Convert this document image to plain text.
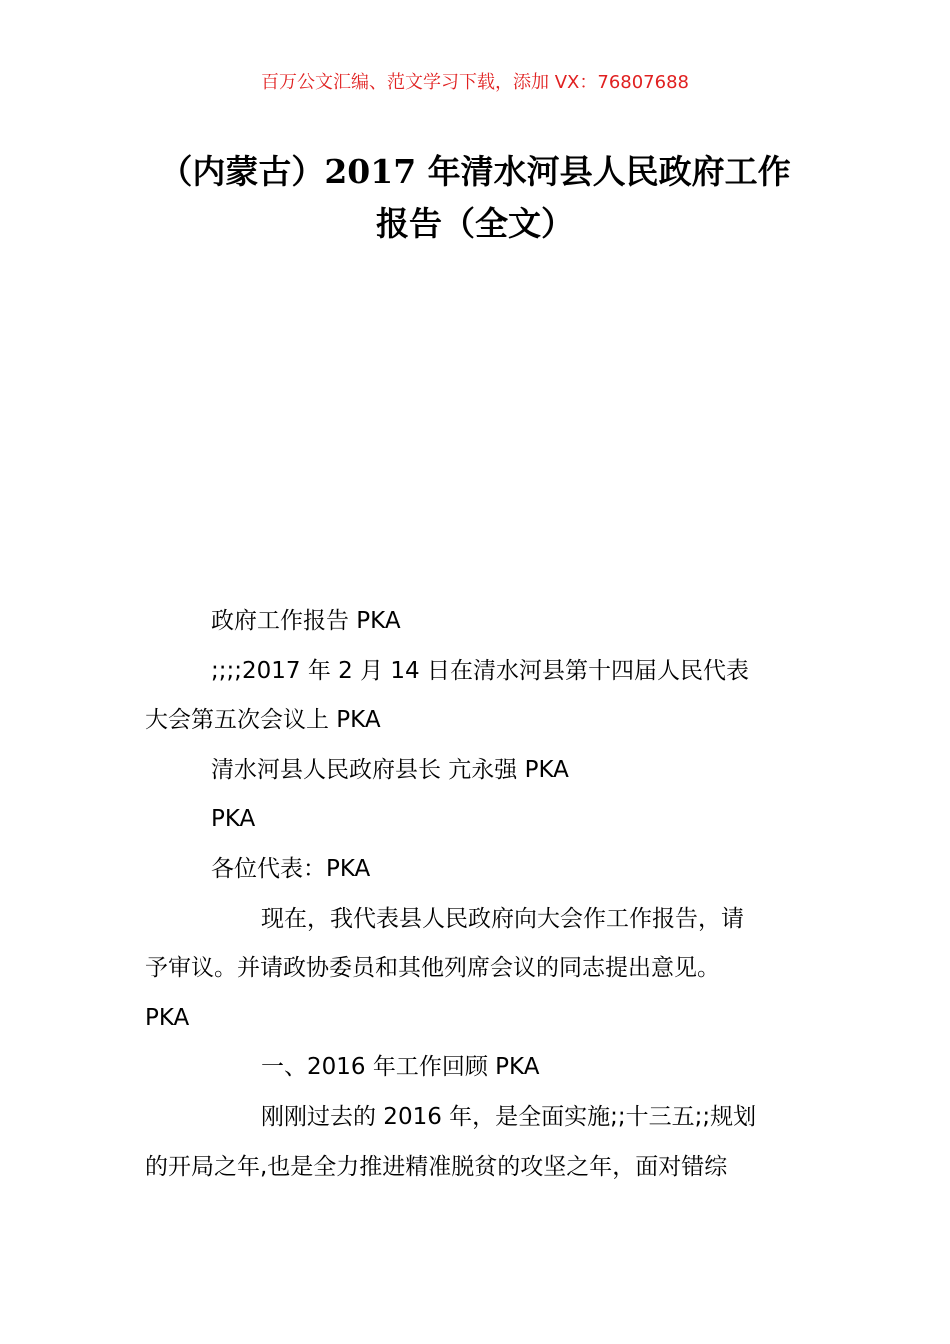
百万公文汇编、范文学习下载，添加 VX：76807688
（内蒙古）2017 年清水河县人民政府工作
报告（全文）
政府工作报告 PKA
;;;;2017 年 2 月 14 日在清水河县第十四届人民代表
大会第五次会议上 PKA
清水河县人民政府县长 亢永强 PKA
PKA
各位代表：PKA
现在，我代表县人民政府向大会作工作报告，请
予审议。并请政协委员和其他列席会议的同志提出意见。
PKA
一、2016 年工作回顾 PKA
刚刚过去的 2016 年，是全面实施;;十三五;;规划
的开局之年,也是全力推进精准脱贫的攻坚之年，面对错综
